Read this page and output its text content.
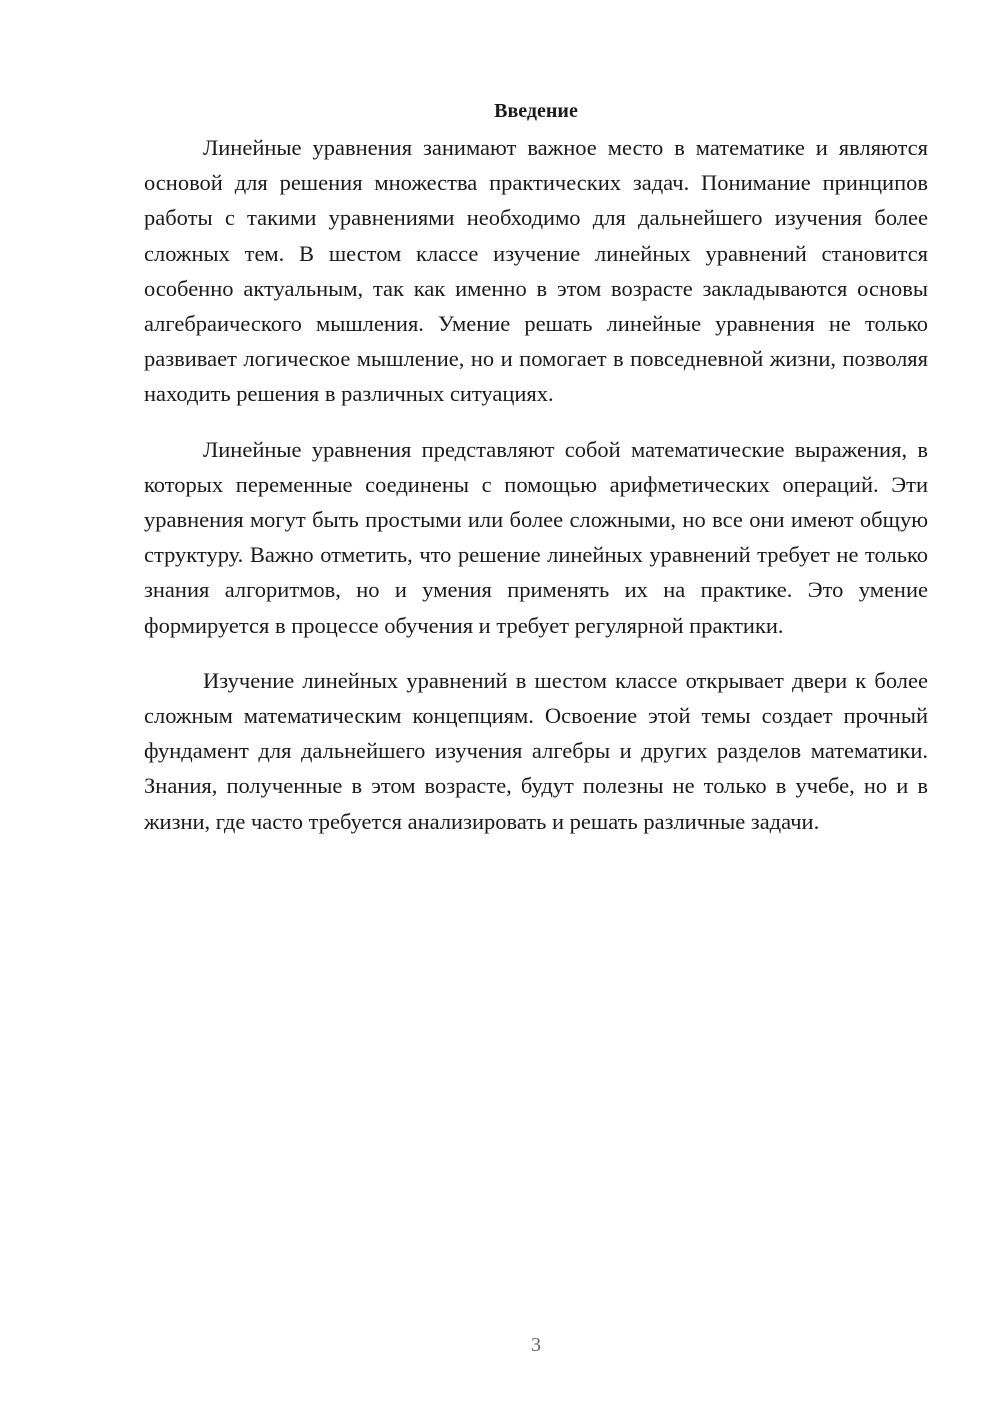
Введение

Линейные уравнения занимают важное место в математике и являются основой для решения множества практических задач. Понимание принципов работы с такими уравнениями необходимо для дальнейшего изучения более сложных тем. В шестом классе изучение линейных уравнений становится особенно актуальным, так как именно в этом возрасте закладываются основы алгебраического мышления. Умение решать линейные уравнения не только развивает логическое мышление, но и помогает в повседневной жизни, позволяя находить решения в различных ситуациях.

Линейные уравнения представляют собой математические выражения, в которых переменные соединены с помощью арифметических операций. Эти уравнения могут быть простыми или более сложными, но все они имеют общую структуру. Важно отметить, что решение линейных уравнений требует не только знания алгоритмов, но и умения применять их на практике. Это умение формируется в процессе обучения и требует регулярной практики.

Изучение линейных уравнений в шестом классе открывает двери к более сложным математическим концепциям. Освоение этой темы создает прочный фундамент для дальнейшего изучения алгебры и других разделов математики. Знания, полученные в этом возрасте, будут полезны не только в учебе, но и в жизни, где часто требуется анализировать и решать различные задачи.

3
